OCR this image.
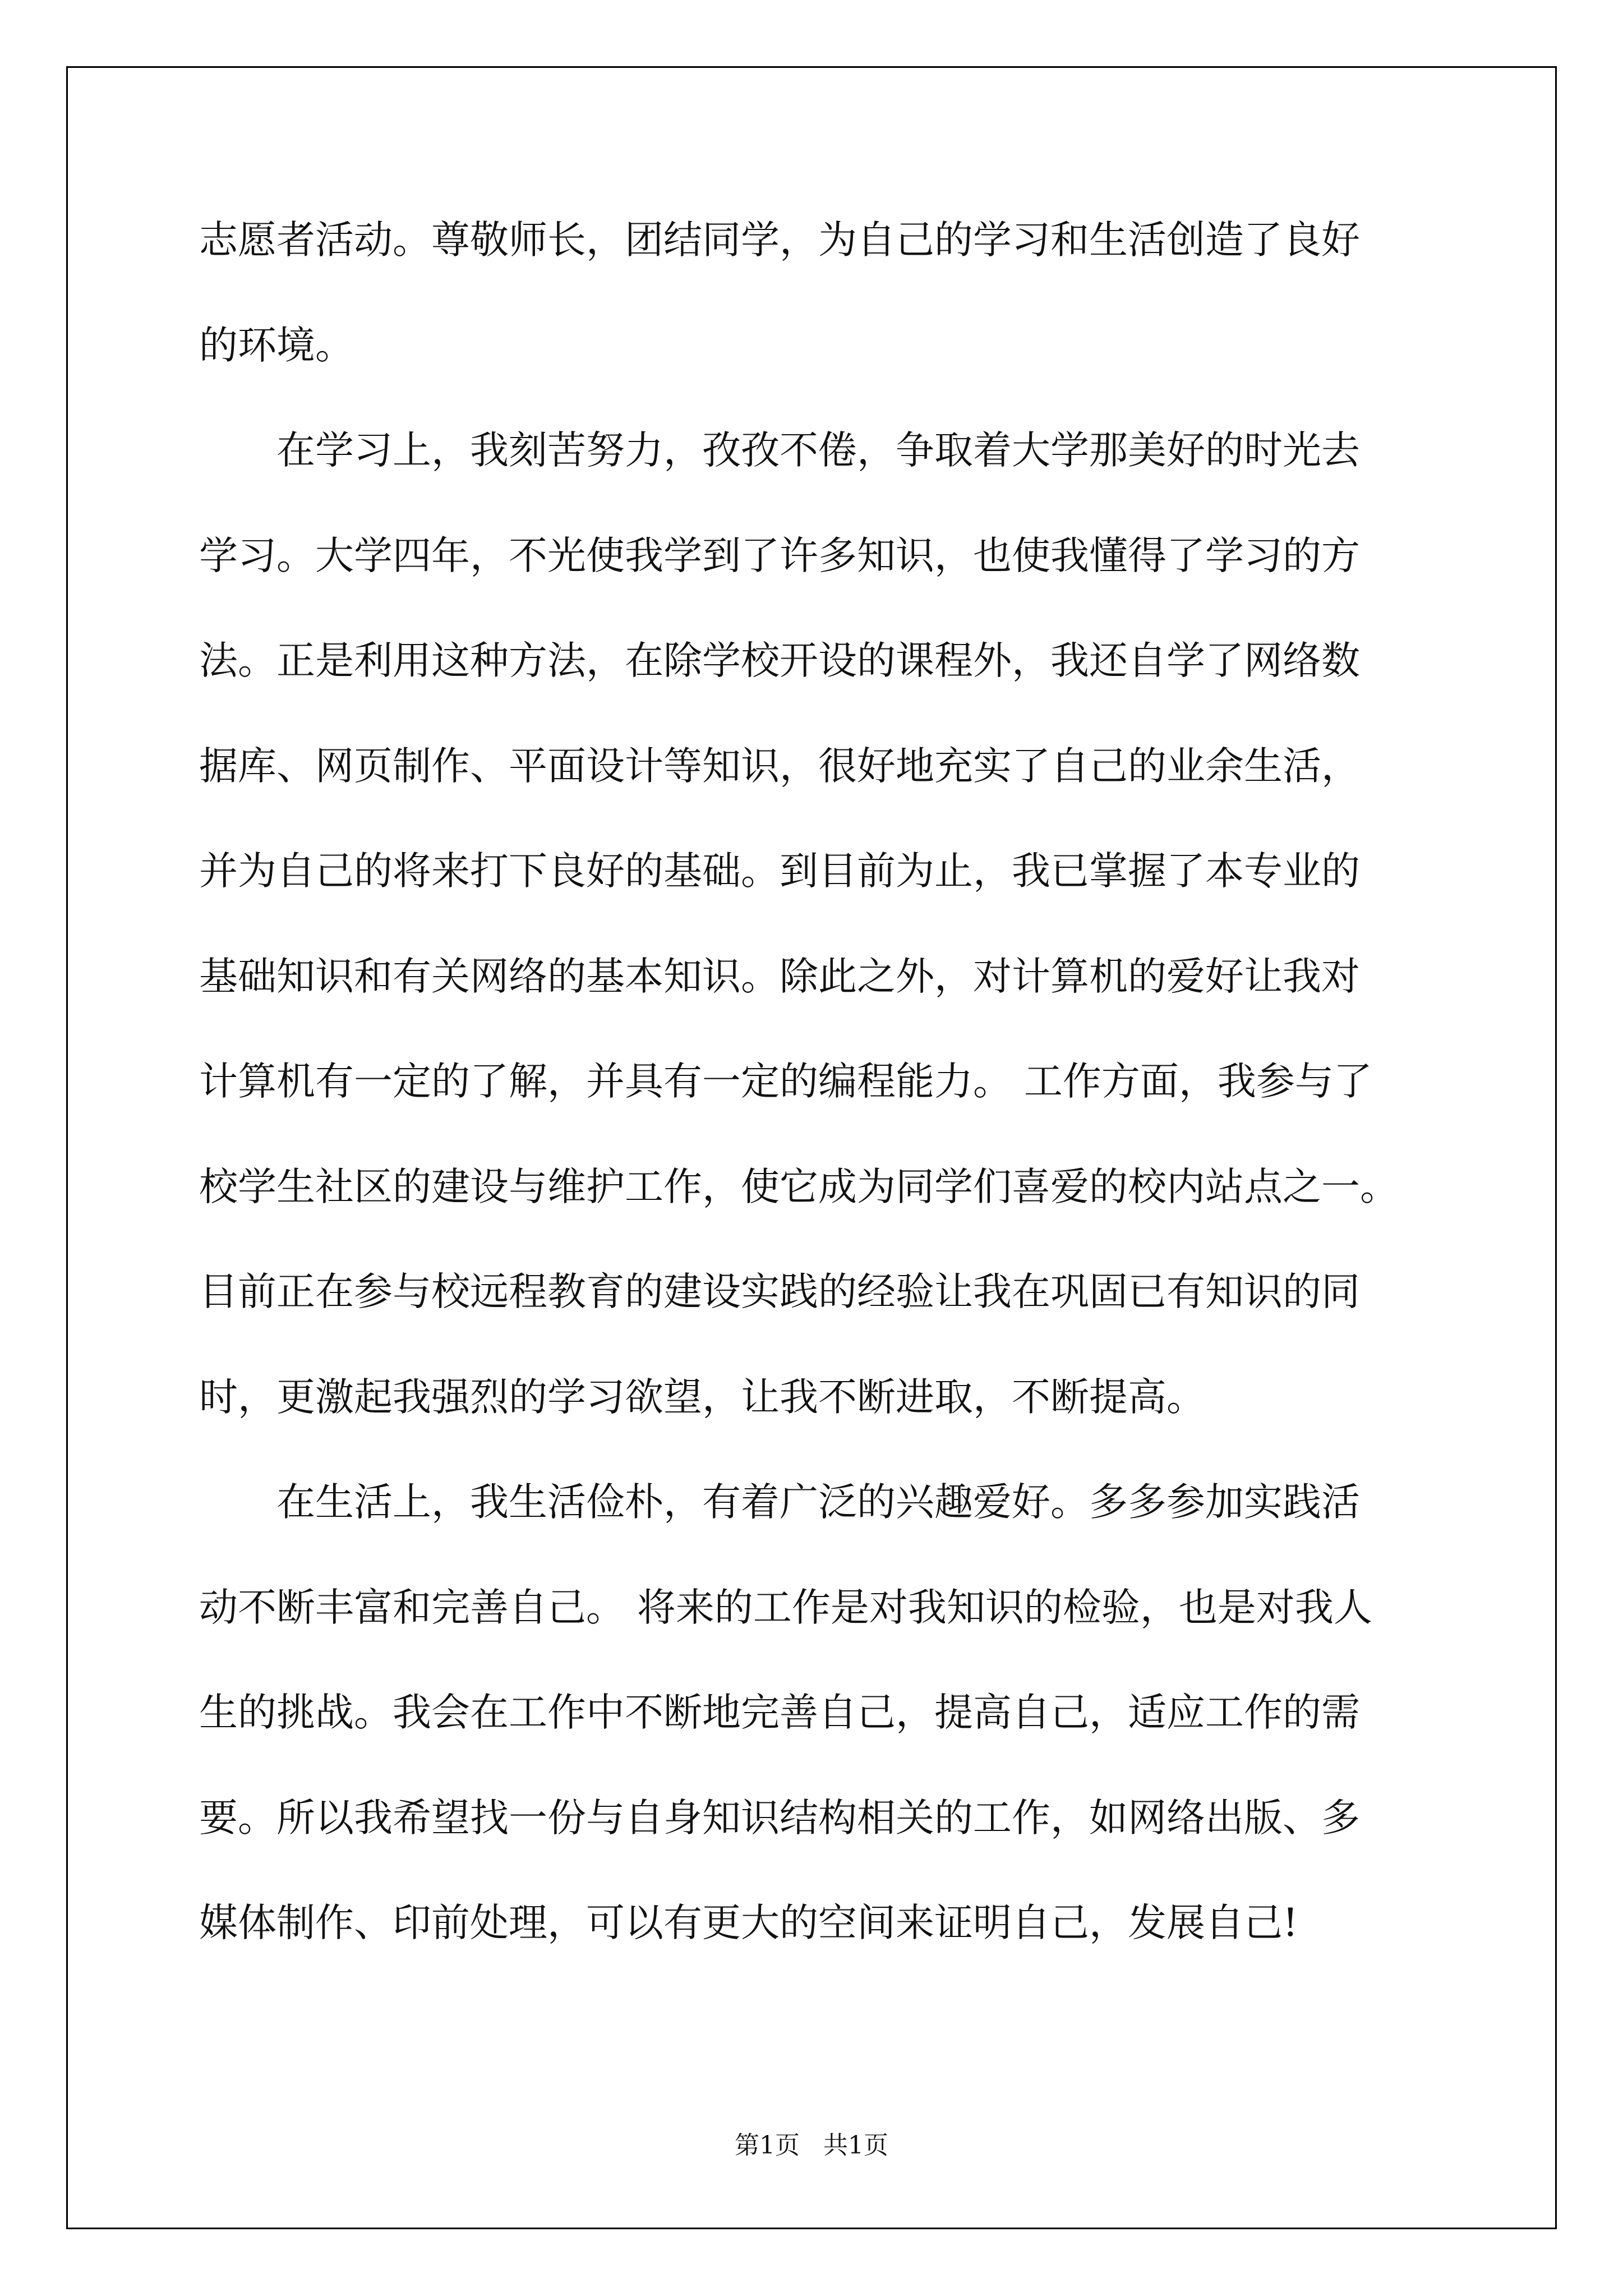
志愿者活动。尊敬师长，团结同学，为自己的学习和生活创造了良好
的环境。
在学习上，我刻苦努力，孜孜不倦，争取着大学那美好的时光去
学习。大学四年，不光使我学到了许多知识，也使我懂得了学习的方
法。正是利用这种方法，在除学校开设的课程外，我还自学了网络数
据库、网页制作、平面设计等知识，很好地充实了自己的业余生活，
并为自己的将来打下良好的基础。到目前为止，我已掌握了本专业的
基础知识和有关网络的基本知识。除此之外，对计算机的爱好让我对
计算机有一定的了解，并具有一定的编程能力。 工作方面，我参与了
校学生社区的建设与维护工作，使它成为同学们喜爱的校内站点之一。
目前正在参与校远程教育的建设实践的经验让我在巩固已有知识的同
时，更激起我强烈的学习欲望，让我不断进取，不断提高。
在生活上，我生活俭朴，有着广泛的兴趣爱好。多多参加实践活
动不断丰富和完善自己。 将来的工作是对我知识的检验，也是对我人
生的挑战。我会在工作中不断地完善自己，提高自己，适应工作的需
要。所以我希望找一份与自身知识结构相关的工作，如网络出版、多
媒体制作、印前处理，可以有更大的空间来证明自己，发展自己!
第1页   共1页
